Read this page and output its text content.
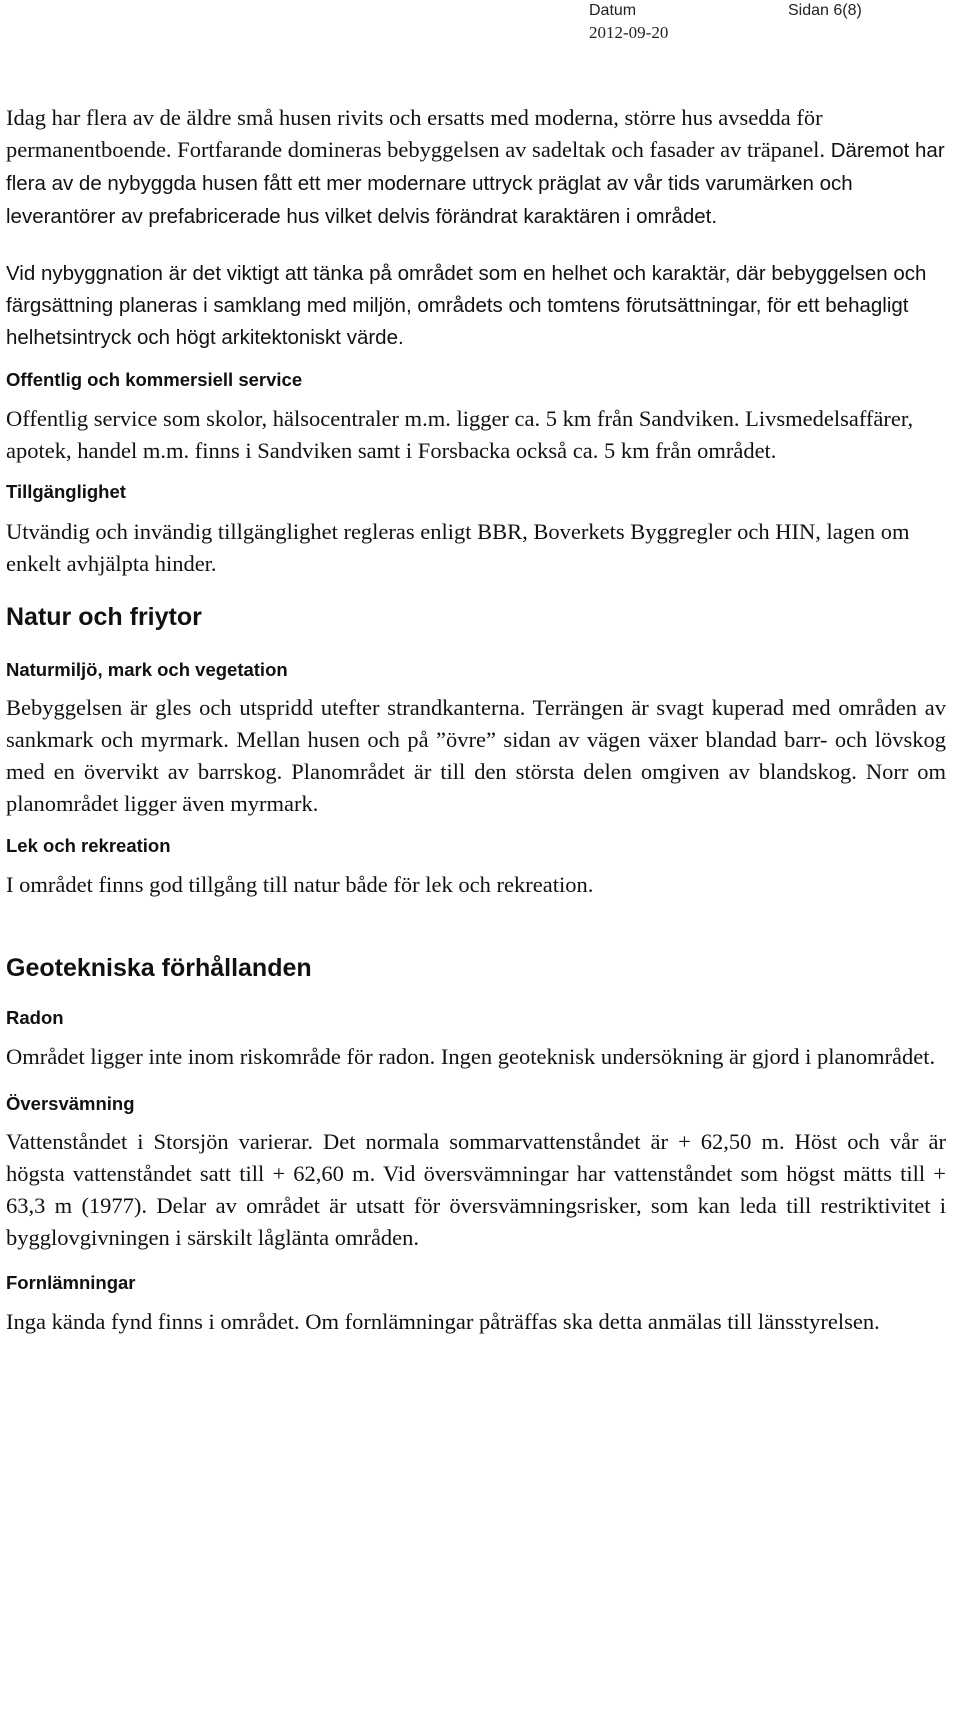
Datum
2012-09-20
Sidan 6(8)

Idag har flera av de äldre små husen rivits och ersatts med moderna, större hus avsedda för permanentboende. Fortfarande domineras bebyggelsen av sadeltak och fasader av träpanel. Däremot har flera av de nybyggda husen fått ett mer modernare uttryck präglat av vår tids varumärken och leverantörer av prefabricerade hus vilket delvis förändrat karaktären i området.

Vid nybyggnation är det viktigt att tänka på området som en helhet och karaktär, där bebyggelsen och färgsättning planeras i samklang med miljön, områdets och tomtens förutsättningar, för ett behagligt helhetsintryck och högt arkitektoniskt värde.

Offentlig och kommersiell service

Offentlig service som skolor, hälsocentraler m.m. ligger ca. 5 km från Sandviken. Livsmedelsaffärer, apotek, handel m.m. finns i Sandviken samt i Forsbacka också ca. 5 km från området.

Tillgänglighet

Utvändig och invändig tillgänglighet regleras enligt BBR, Boverkets Byggregler och HIN, lagen om enkelt avhjälpta hinder.

Natur och friytor
Naturmiljö, mark och vegetation

Bebyggelsen är gles och utspridd utefter strandkanterna. Terrängen är svagt kuperad med områden av sankmark och myrmark. Mellan husen och på ”övre” sidan av vägen växer blandad barr- och lövskog med en övervikt av barrskog. Planområdet är till den största delen omgiven av blandskog. Norr om planområdet ligger även myrmark.

Lek och rekreation

I området finns god tillgång till natur både för lek och rekreation.

Geotekniska förhållanden
Radon

Området ligger inte inom riskområde för radon. Ingen geoteknisk undersökning är gjord i planområdet.

Översvämning

Vattenståndet i Storsjön varierar. Det normala sommarvattenståndet är + 62,50 m. Höst och vår är högsta vattenståndet satt till + 62,60 m. Vid översvämningar har vattenståndet som högst mätts till + 63,3 m (1977). Delar av området är utsatt för översvämningsrisker, som kan leda till restriktivitet i bygglovgivningen i särskilt låglänta områden.

Fornlämningar

Inga kända fynd finns i området. Om fornlämningar påträffas ska detta anmälas till länsstyrelsen.
